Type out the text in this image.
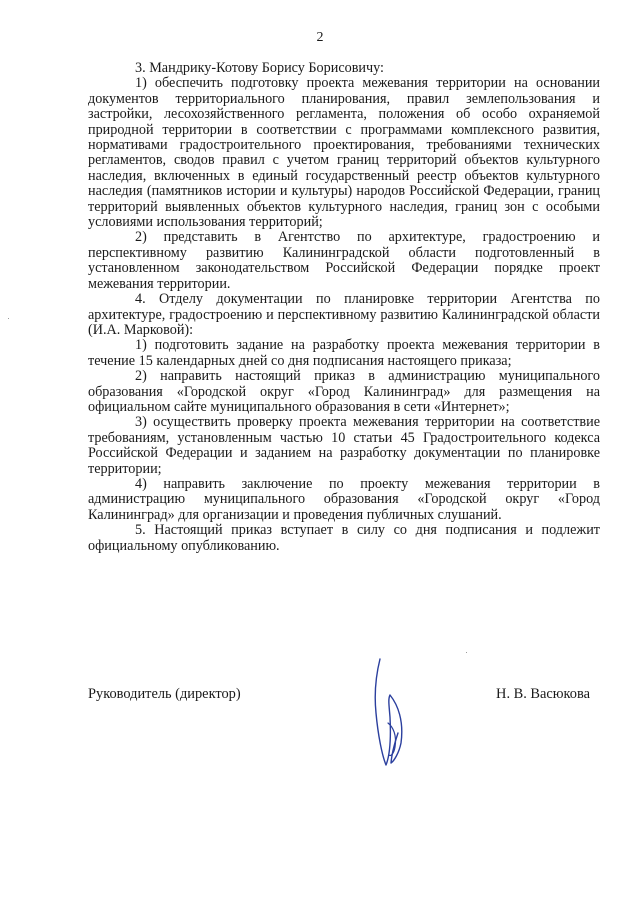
2

3. Мандрику-Котову Борису Борисовичу:

1) обеспечить подготовку проекта межевания территории на основании документов территориального планирования, правил землепользования и застройки, лесохозяйственного регламента, положения об особо охраняемой природной территории в соответствии с программами комплексного развития, нормативами градостроительного проектирования, требованиями технических регламентов, сводов правил с учетом границ территорий объектов культурного наследия, включенных в единый государственный реестр объектов культурного наследия (памятников истории и культуры) народов Российской Федерации, границ территорий выявленных объектов культурного наследия, границ зон с особыми условиями использования территорий;

2) представить в Агентство по архитектуре, градостроению и перспективному развитию Калининградской области подготовленный в установленном законодательством Российской Федерации порядке проект межевания территории.

4. Отделу документации по планировке территории Агентства по архитектуре, градостроению и перспективному развитию Калининградской области (И.А. Марковой):

1) подготовить задание на разработку проекта межевания территории в течение 15 календарных дней со дня подписания настоящего приказа;

2) направить настоящий приказ в администрацию муниципального образования «Городской округ «Город Калининград» для размещения на официальном сайте муниципального образования в сети «Интернет»;

3) осуществить проверку проекта межевания территории на соответствие требованиям, установленным частью 10 статьи 45 Градостроительного кодекса Российской Федерации и заданием на разработку документации по планировке территории;

4) направить заключение по проекту межевания территории в администрацию муниципального образования «Городской округ «Город Калининград» для организации и проведения публичных слушаний.

5. Настоящий приказ вступает в силу со дня подписания и подлежит официальному опубликованию.

Руководитель (директор)	Н. В. Васюкова
